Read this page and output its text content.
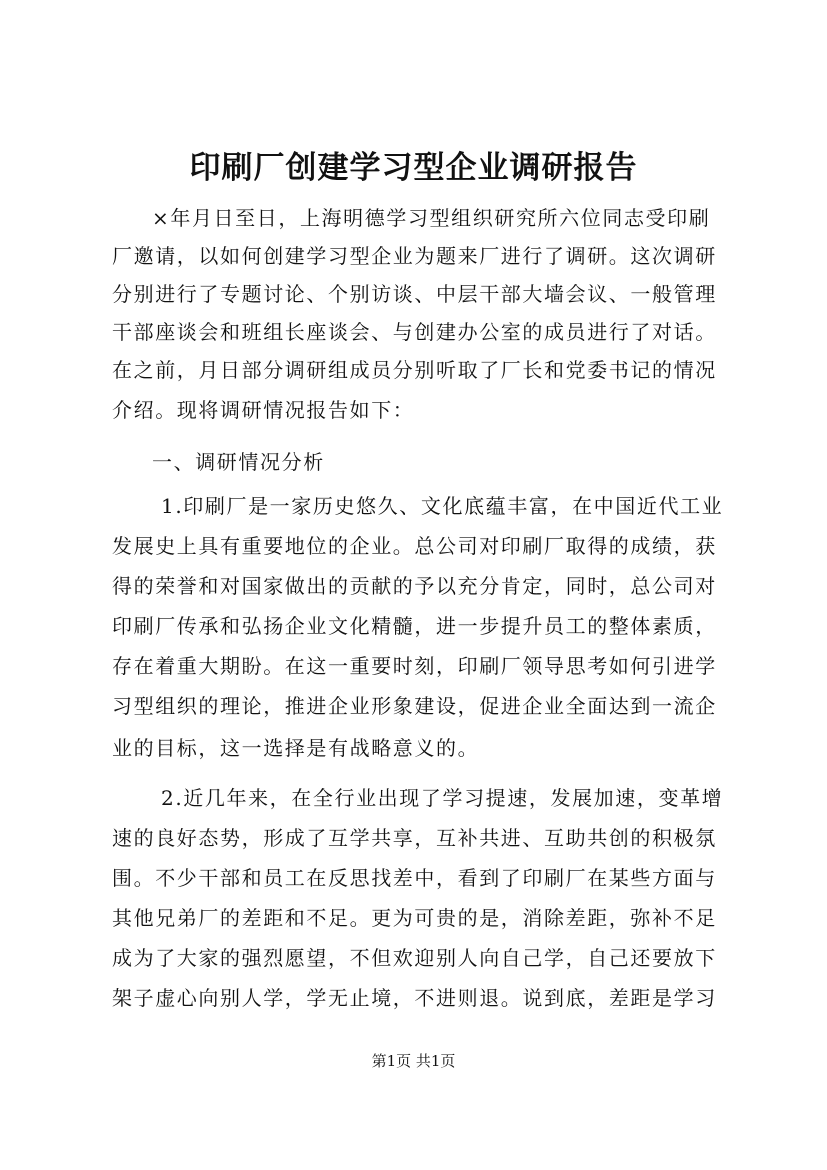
印刷厂创建学习型企业调研报告

×年月日至日，上海明德学习型组织研究所六位同志受印刷

厂邀请，以如何创建学习型企业为题来厂进行了调研。这次调研

分别进行了专题讨论、个别访谈、中层干部大墙会议、一般管理

干部座谈会和班组长座谈会、与创建办公室的成员进行了对话。

在之前，月日部分调研组成员分别听取了厂长和党委书记的情况

介绍。现将调研情况报告如下：

一、调研情况分析

1.印刷厂是一家历史悠久、文化底蕴丰富，在中国近代工业

发展史上具有重要地位的企业。总公司对印刷厂取得的成绩，获

得的荣誉和对国家做出的贡献的予以充分肯定，同时，总公司对

印刷厂传承和弘扬企业文化精髓，进一步提升员工的整体素质，

存在着重大期盼。在这一重要时刻，印刷厂领导思考如何引进学

习型组织的理论，推进企业形象建设，促进企业全面达到一流企

业的目标，这一选择是有战略意义的。

2.近几年来，在全行业出现了学习提速，发展加速，变革增

速的良好态势，形成了互学共享，互补共进、互助共创的积极氛

围。不少干部和员工在反思找差中，看到了印刷厂在某些方面与

其他兄弟厂的差距和不足。更为可贵的是，消除差距，弥补不足

成为了大家的强烈愿望，不但欢迎别人向自己学，自己还要放下

架子虚心向别人学，学无止境，不进则退。说到底，差距是学习

第1页 共1页
